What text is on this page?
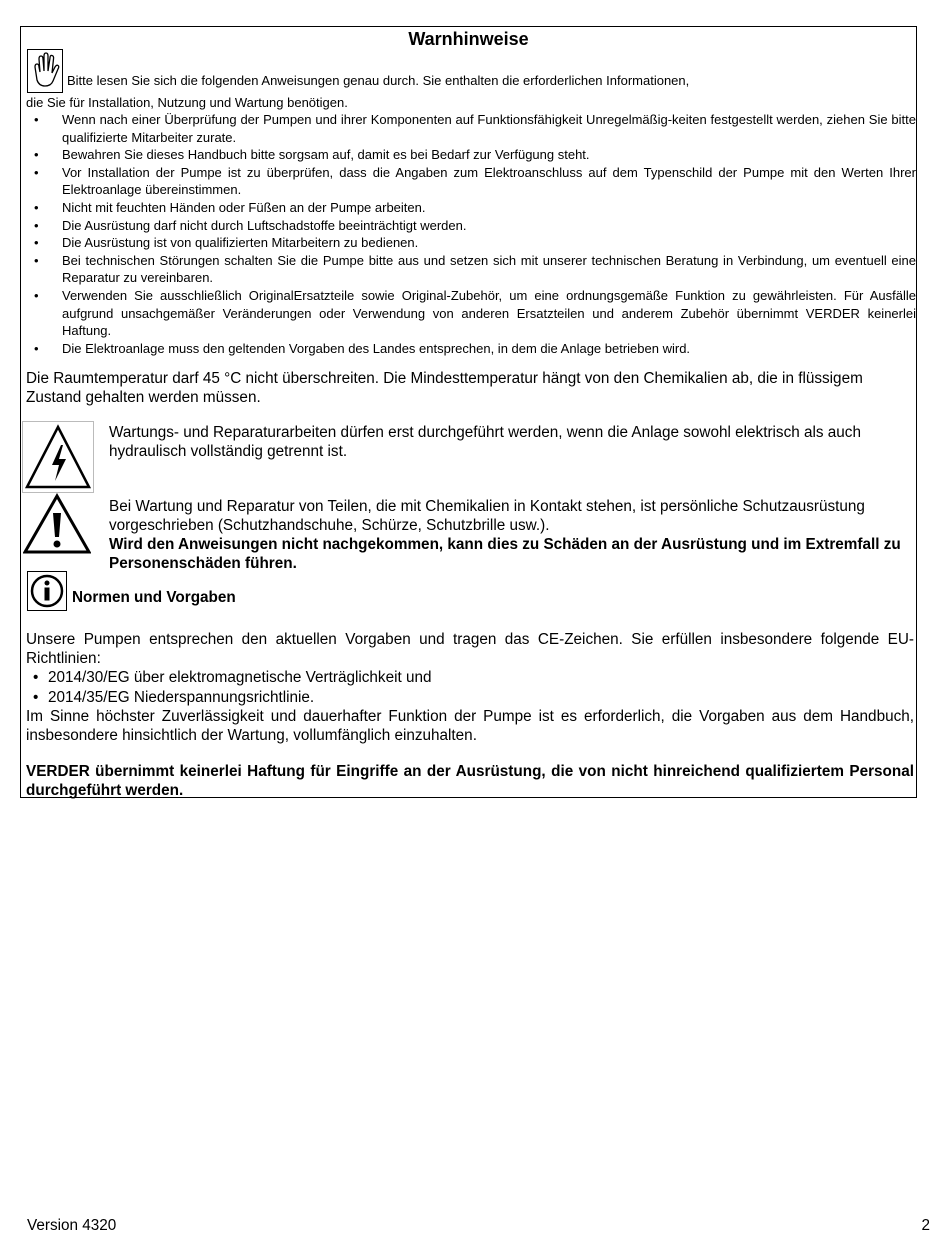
Warnhinweise
Bitte lesen Sie sich die folgenden Anweisungen genau durch. Sie enthalten die erforderlichen Informationen,
die Sie für Installation, Nutzung und Wartung benötigen.
• Wenn nach einer Überprüfung der Pumpen und ihrer Komponenten auf Funktionsfähigkeit Unregelmäßig-keiten festgestellt werden, ziehen Sie bitte qualifizierte Mitarbeiter zurate.
• Bewahren Sie dieses Handbuch bitte sorgsam auf, damit es bei Bedarf zur Verfügung steht.
• Vor Installation der Pumpe ist zu überprüfen, dass die Angaben zum Elektroanschluss auf dem Typenschild der Pumpe mit den Werten Ihrer Elektroanlage übereinstimmen.
• Nicht mit feuchten Händen oder Füßen an der Pumpe arbeiten.
• Die Ausrüstung darf nicht durch Luftschadstoffe beeinträchtigt werden.
• Die Ausrüstung ist von qualifizierten Mitarbeitern zu bedienen.
• Bei technischen Störungen schalten Sie die Pumpe bitte aus und setzen sich mit unserer technischen Beratung in Verbindung, um eventuell eine Reparatur zu vereinbaren.
• Verwenden Sie ausschließlich OriginalErsatzteile sowie Original-Zubehör, um eine ordnungsgemäße Funktion zu gewährleisten. Für Ausfälle aufgrund unsachgemäßer Veränderungen oder Verwendung von anderen Ersatzteilen und anderem Zubehör übernimmt VERDER keinerlei Haftung.
• Die Elektroanlage muss den geltenden Vorgaben des Landes entsprechen, in dem die Anlage betrieben wird.
Die Raumtemperatur darf 45 °C nicht überschreiten. Die Mindesttemperatur hängt von den Chemikalien ab, die in flüssigem Zustand gehalten werden müssen.
Wartungs- und Reparaturarbeiten dürfen erst durchgeführt werden, wenn die Anlage sowohl elektrisch als auch hydraulisch vollständig getrennt ist.
Bei Wartung und Reparatur von Teilen, die mit Chemikalien in Kontakt stehen, ist persönliche Schutzausrüstung vorgeschrieben (Schutzhandschuhe, Schürze, Schutzbrille usw.).
Wird den Anweisungen nicht nachgekommen, kann dies zu Schäden an der Ausrüstung und im Extremfall zu Personenschäden führen.
Normen und Vorgaben
Unsere Pumpen entsprechen den aktuellen Vorgaben und tragen das CE-Zeichen. Sie erfüllen insbesondere folgende EU-Richtlinien:
• 2014/30/EG über elektromagnetische Verträglichkeit und
• 2014/35/EG Niederspannungsrichtlinie.
Im Sinne höchster Zuverlässigkeit und dauerhafter Funktion der Pumpe ist es erforderlich, die Vorgaben aus dem Handbuch, insbesondere hinsichtlich der Wartung, vollumfänglich einzuhalten.
VERDER übernimmt keinerlei Haftung für Eingriffe an der Ausrüstung, die von nicht hinreichend qualifiziertem Personal durchgeführt werden.
Version 4320	2
